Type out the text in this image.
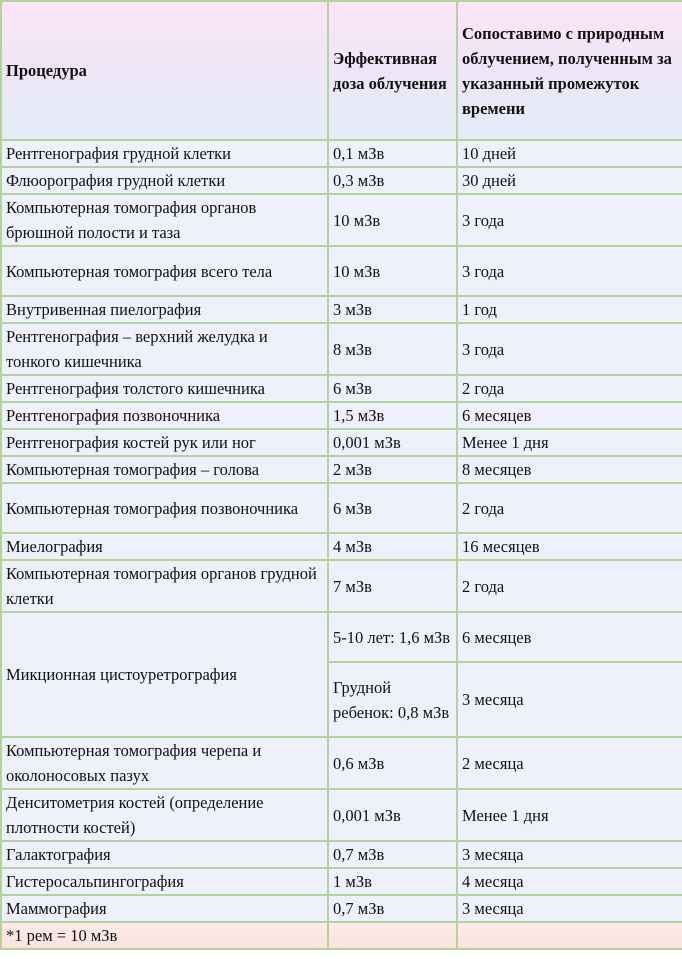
Процедура	Эффективная доза облучения	Сопоставимо с природным облучением, полученным за указанный промежуток времени
Рентгенография грудной клетки	0,1 мЗв	10 дней
Флюорография грудной клетки	0,3 мЗв	30 дней
Компьютерная томография органов брюшной полости и таза	10 мЗв	3 года
Компьютерная томография всего тела	10 мЗв	3 года
Внутривенная пиелография	3 мЗв	1 год
Рентгенография – верхний желудка и тонкого кишечника	8 мЗв	3 года
Рентгенография толстого кишечника	6 мЗв	2 года
Рентгенография позвоночника	1,5 мЗв	6 месяцев
Рентгенография костей рук или ног	0,001 мЗв	Менее 1 дня
Компьютерная томография – голова	2 мЗв	8 месяцев
Компьютерная томография позвоночника	6 мЗв	2 года
Миелография	4 мЗв	16 месяцев
Компьютерная томография органов грудной клетки	7 мЗв	2 года
Микционная цистоуретрография	5-10 лет: 1,6 мЗв	6 месяцев
	Грудной ребенок: 0,8 мЗв	3 месяца
Компьютерная томография черепа и околоносовых пазух	0,6 мЗв	2 месяца
Денситометрия костей (определение плотности костей)	0,001 мЗв	Менее 1 дня
Галактография	0,7 мЗв	3 месяца
Гистеросальпингография	1 мЗв	4 месяца
Маммография	0,7 мЗв	3 месяца
*1 рем = 10 мЗв		
